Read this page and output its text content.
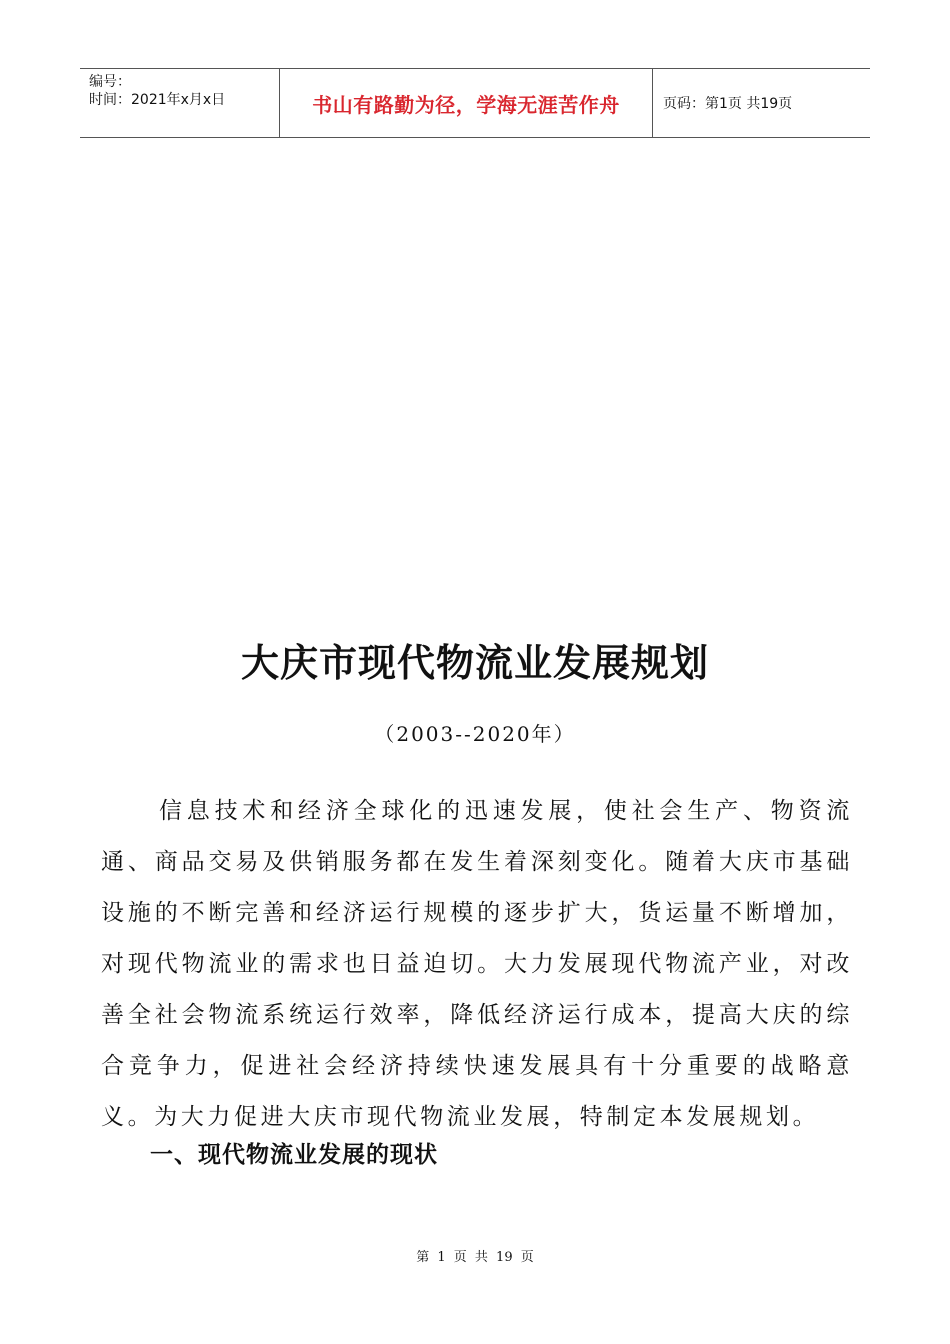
编号：
时间：2021年x月x日	书山有路勤为径，学海无涯苦作舟	页码：第1页 共19页
大庆市现代物流业发展规划
（2003--2020年）
信息技术和经济全球化的迅速发展，使社会生产、物资流通、商品交易及供销服务都在发生着深刻变化。随着大庆市基础设施的不断完善和经济运行规模的逐步扩大，货运量不断增加，对现代物流业的需求也日益迫切。大力发展现代物流产业，对改善全社会物流系统运行效率，降低经济运行成本，提高大庆的综合竞争力，促进社会经济持续快速发展具有十分重要的战略意义。为大力促进大庆市现代物流业发展，特制定本发展规划。
一、现代物流业发展的现状
第 1 页 共 19 页
